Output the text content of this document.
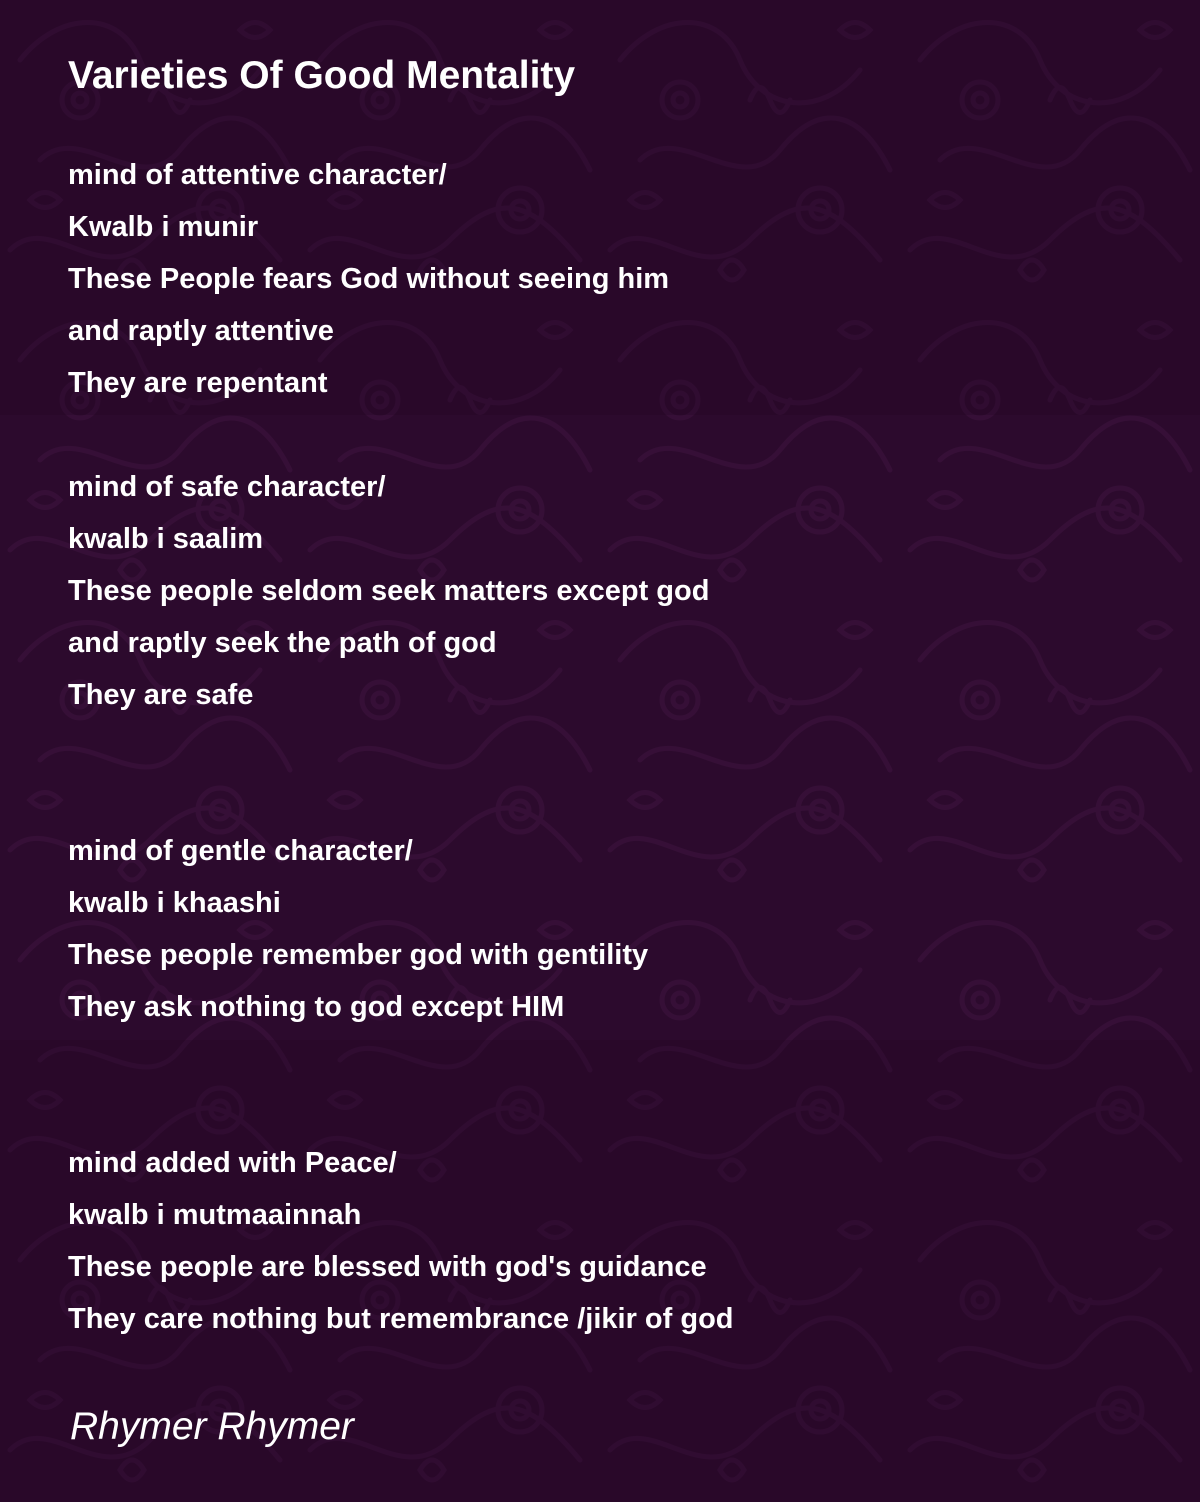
Varieties Of Good Mentality

mind of attentive character/

Kwalb i munir

These People fears God without seeing him

and raptly attentive

They are repentant

mind of safe character/

kwalb i saalim

These people seldom seek matters except god

and raptly seek the path of god

They are safe

mind of gentle character/

kwalb i khaashi

These people remember god with gentility

They ask nothing to god except HIM

mind added with Peace/

kwalb i mutmaainnah

These people are blessed with god's guidance

They care nothing but remembrance /jikir of god

Rhymer Rhymer
